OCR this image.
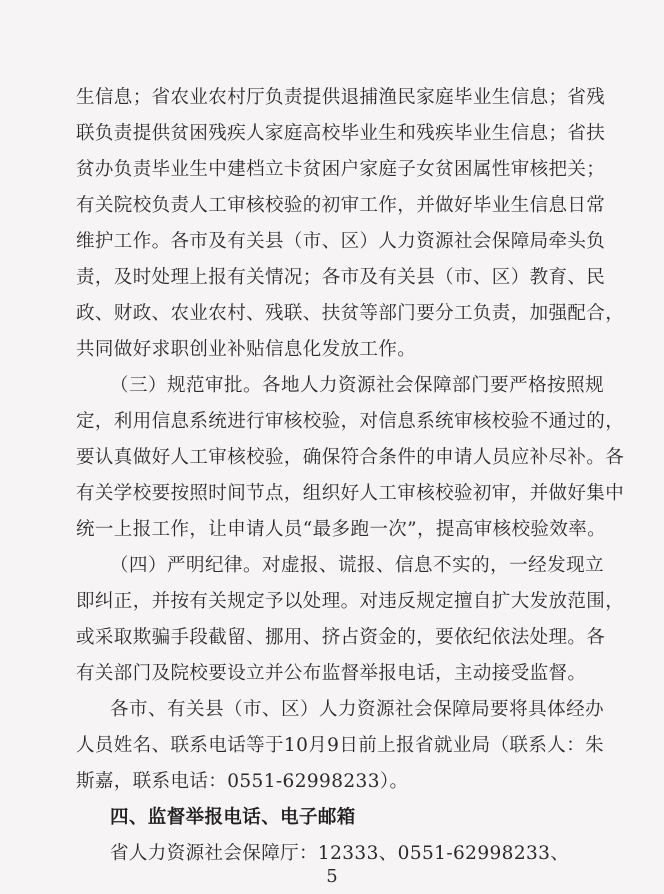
生信息；省农业农村厅负责提供退捕渔民家庭毕业生信息；省残
联负责提供贫困残疾人家庭高校毕业生和残疾毕业生信息；省扶
贫办负责毕业生中建档立卡贫困户家庭子女贫困属性审核把关；
有关院校负责人工审核校验的初审工作，并做好毕业生信息日常
维护工作。各市及有关县（市、区）人力资源社会保障局牵头负
责，及时处理上报有关情况；各市及有关县（市、区）教育、民
政、财政、农业农村、残联、扶贫等部门要分工负责，加强配合，
共同做好求职创业补贴信息化发放工作。
（三）规范审批。各地人力资源社会保障部门要严格按照规
定，利用信息系统进行审核校验，对信息系统审核校验不通过的，
要认真做好人工审核校验，确保符合条件的申请人员应补尽补。各
有关学校要按照时间节点，组织好人工审核校验初审，并做好集中
统一上报工作，让申请人员“最多跑一次”，提高审核校验效率。
（四）严明纪律。对虚报、谎报、信息不实的，一经发现立
即纠正，并按有关规定予以处理。对违反规定擅自扩大发放范围，
或采取欺骗手段截留、挪用、挤占资金的，要依纪依法处理。各
有关部门及院校要设立并公布监督举报电话，主动接受监督。
各市、有关县（市、区）人力资源社会保障局要将具体经办
人员姓名、联系电话等于10月9日前上报省就业局（联系人：朱
斯嘉，联系电话：0551-62998233）。
四、监督举报电话、电子邮箱
省人力资源社会保障厅：12333、0551-62998233、
5
